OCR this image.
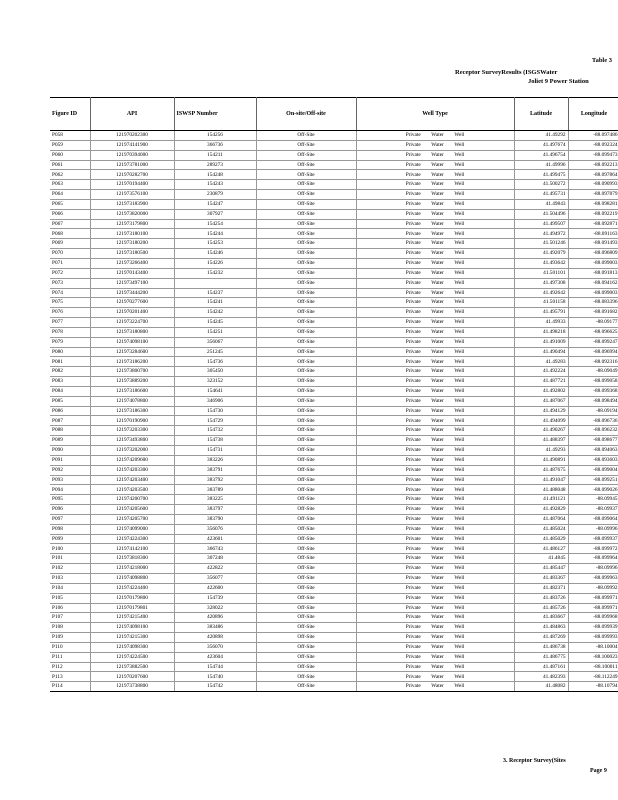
Table 3
Receptor SurveyResults (ISGSWater
Joliet 9 Power Station
Figure ID	API	ISWSP Number	On-site/Off-site	Well Type	Latitude	Longitude
P058	121970202300	154256	Off-Site	Private        Water        Well	41.49292	-88.097486
P059	121974141900	366736	Off-Site	Private        Water        Well	41.497674	-88.092324
P060	121970394000	154211	Off-Site	Private        Water        Well	41.496754	-88.099473
P061	121973781000	289273	Off-Site	Private        Water        Well	41.49996	-88.092213
P062	121970282700	154248	Off-Site	Private        Water        Well	41.499475	-88.097864
P063	121970194400	154243	Off-Site	Private        Water        Well	41.500272	-88.090993
P064	121973576100	230879	Off-Site	Private        Water        Well	41.495731	-88.097879
P065	121973183900	154247	Off-Site	Private        Water        Well	41.49843	-88.098281
P066	121973820000	307927	Off-Site	Private        Water        Well	41.504496	-88.092219
P067	121973179800	154254	Off-Site	Private        Water        Well	41.499507	-88.092871
P068	121973180100	154244	Off-Site	Private        Water        Well	41.494972	-88.091163
P069	121973180200	154253	Off-Site	Private        Water        Well	41.501246	-88.091493
P070	121973180500	154246	Off-Site	Private        Water        Well	41.492079	-88.096809
P071	121973266400	154226	Off-Site	Private        Water        Well	41.493642	-88.099003
P072	121970143400	154232	Off-Site	Private        Water        Well	41.501101	-88.091813
P073	121973497100		Off-Site	Private        Water        Well	41.497308	-88.094162
P074	121973444200	154237	Off-Site	Private        Water        Well	41.492642	-88.099003
P075	121970277600	154241	Off-Site	Private        Water        Well	41.501158	-88.083396
P076	121970201400	154242	Off-Site	Private        Water        Well	41.495791	-88.091682
P077	121973224700	154245	Off-Site	Private        Water        Well	41.49933	-88.09177
P078	121973180800	154251	Off-Site	Private        Water        Well	41.498218	-88.096625
P079	121974098100	356067	Off-Site	Private        Water        Well	41.491009	-88.099247
P080	121973284600	251245	Off-Site	Private        Water        Well	41.490494	-88.096994
P081	121973186200	154736	Off-Site	Private        Water        Well	41.49283	-88.092316
P082	121973800700	305450	Off-Site	Private        Water        Well	41.492224	-88.09049
P083	121973889200	323152	Off-Site	Private        Water        Well	41.487721	-88.099058
P084	121973186600	154641	Off-Site	Private        Water        Well	41.492802	-88.099368
P085	121974078800	346906	Off-Site	Private        Water        Well	41.487067	-88.098494
P086	121973186300	154730	Off-Site	Private        Water        Well	41.494129	-88.09194
P087	121970190900	154729	Off-Site	Private        Water        Well	41.494099	-88.096736
P088	121973203300	154732	Off-Site	Private        Water        Well	41.490267	-88.096232
P089	121973493800	154738	Off-Site	Private        Water        Well	41.488397	-88.098677
P090	121973202000	154731	Off-Site	Private        Water        Well	41.49293	-88.094063
P091	121974209600	383226	Off-Site	Private        Water        Well	41.490891	-88.093603
P092	121974203300	383791	Off-Site	Private        Water        Well	41.487675	-88.099004
P093	121974203400	383792	Off-Site	Private        Water        Well	41.491047	-88.099251
P094	121974203500	383789	Off-Site	Private        Water        Well	41.488048	-88.099026
P095	121974200700	383225	Off-Site	Private        Water        Well	41.491121	-88.09945
P096	121974205600	383797	Off-Site	Private        Water        Well	41.492829	-88.09937
P097	121974205700	383790	Off-Site	Private        Water        Well	41.487064	-88.099064
P098	121974099000	356076	Off-Site	Private        Water        Well	41.485024	-88.09996
P099	121974224300	423601	Off-Site	Private        Water        Well	41.485029	-88.099937
P100	121974142100	366743	Off-Site	Private        Water        Well	41.486127	-88.099972
P101	121973818300	307248	Off-Site	Private        Water        Well	41.4845	-88.099964
P102	121974218000	422822	Off-Site	Private        Water        Well	41.485447	-88.09996
P103	121974098800	356077	Off-Site	Private        Water        Well	41.483367	-88.099963
P104	121974224400	422600	Off-Site	Private        Water        Well	41.482371	-88.09992
P105	121970179800	154739	Off-Site	Private        Water        Well	41.483726	-88.099971
P106	121970179801	328022	Off-Site	Private        Water        Well	41.485726	-88.099971
P107	121974215400	420896	Off-Site	Private        Water        Well	41.483667	-88.099968
P108	121974098100	383486	Off-Site	Private        Water        Well	41.484863	-88.099939
P109	121974215300	420898	Off-Site	Private        Water        Well	41.487269	-88.099993
P110	121974098300	356070	Off-Site	Private        Water        Well	41.486738	-88.10004
P111	121974224500	423604	Off-Site	Private        Water        Well	41.486775	-88.100023
P112	121973882500	154744	Off-Site	Private        Water        Well	41.487161	-88.100011
P113	121970207600	154740	Off-Site	Private        Water        Well	41.482393	-88.112249
P114	121973738800	154742	Off-Site	Private        Water        Well	41.48082	-88.10794
3. Receptor Survey(Sites
Page 9
